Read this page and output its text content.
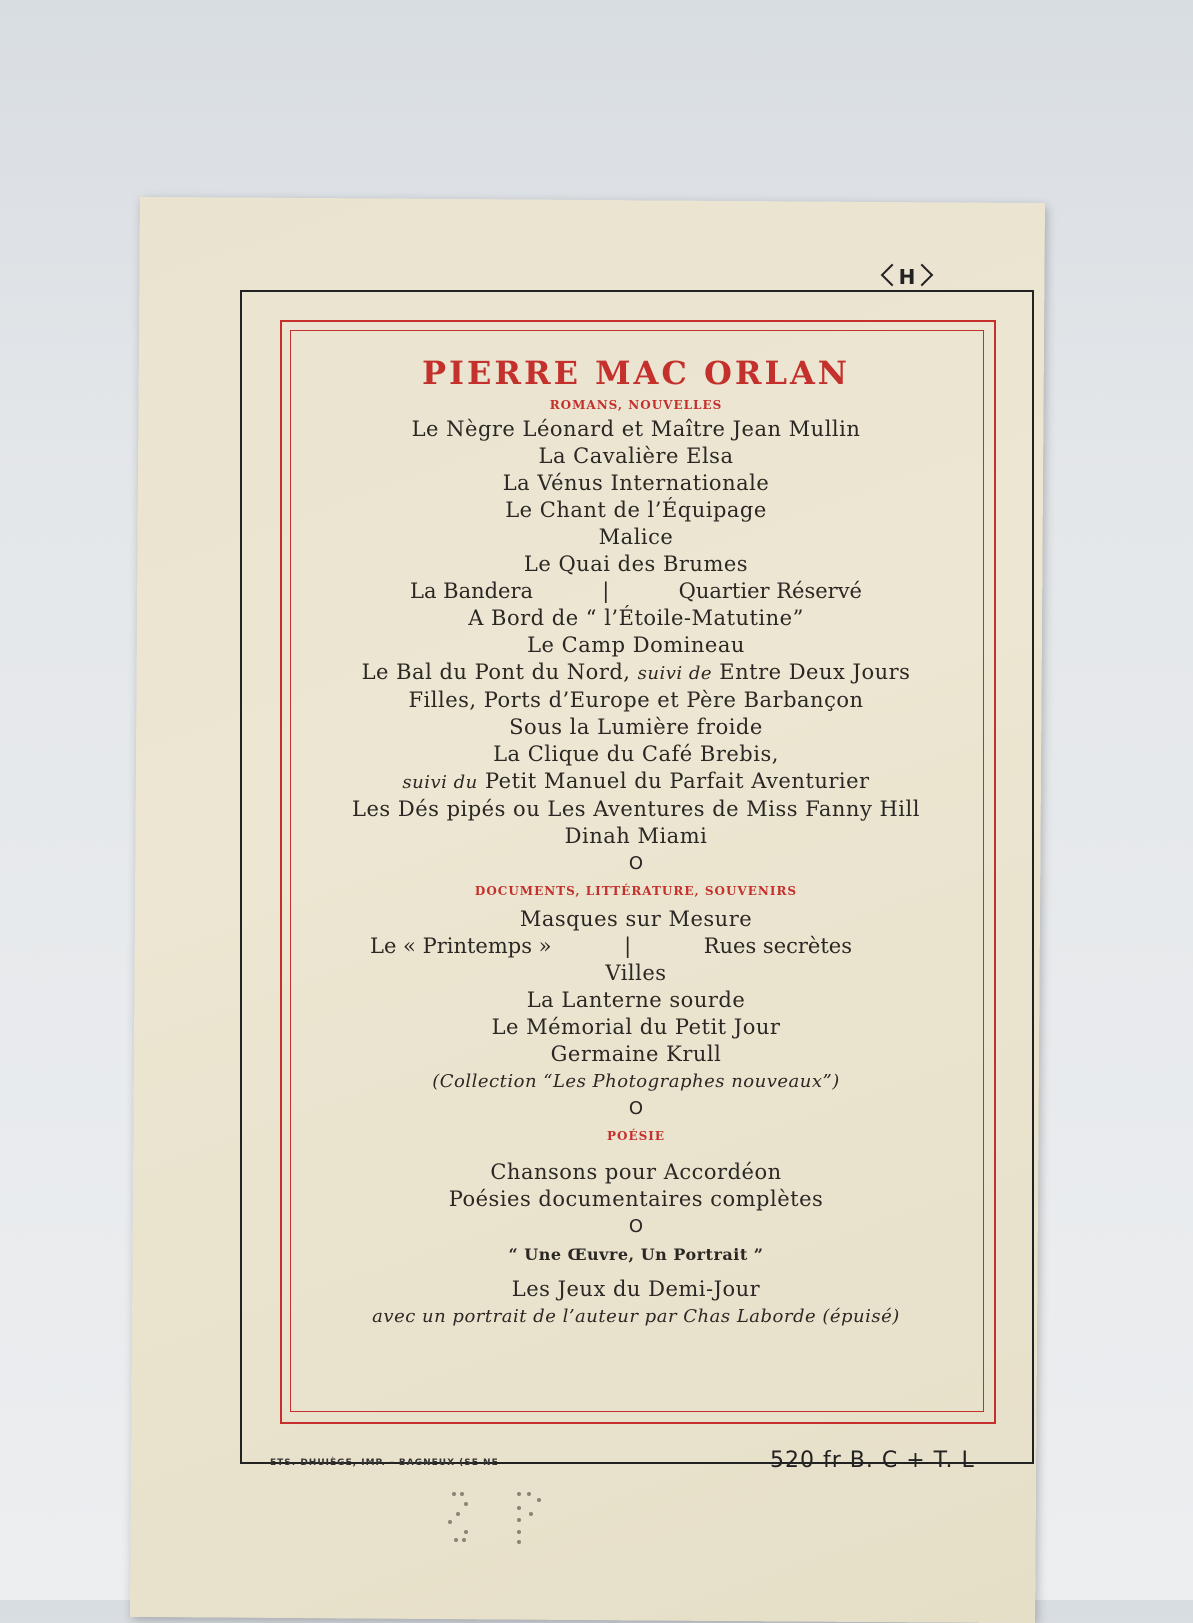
H
PIERRE MAC ORLAN
ROMANS, NOUVELLES
Le Nègre Léonard et Maître Jean Mullin
La Cavalière Elsa
La Vénus Internationale
Le Chant de l’Équipage
Malice
Le Quai des Brumes
La Bandera	|	Quartier Réservé
A Bord de “ l’Étoile-Matutine”
Le Camp Domineau
Le Bal du Pont du Nord, suivi de Entre Deux Jours
Filles, Ports d’Europe et Père Barbançon
Sous la Lumière froide
La Clique du Café Brebis,
suivi du Petit Manuel du Parfait Aventurier
Les Dés pipés ou Les Aventures de Miss Fanny Hill
Dinah Miami
O
DOCUMENTS, LITTÉRATURE, SOUVENIRS
Masques sur Mesure
Le « Printemps »	|	Rues secrètes
Villes
La Lanterne sourde
Le Mémorial du Petit Jour
Germaine Krull
(Collection “Les Photographes nouveaux”)
O
POÉSIE
Chansons pour Accordéon
Poésies documentaires complètes
O
“ Une Œuvre, Un Portrait ”
Les Jeux du Demi-Jour
avec un portrait de l’auteur par Chas Laborde (épuisé)
ETS. DHUIÈGE, IMP. - BAGNEUX (SE NE	520 fr B. C + T. L
